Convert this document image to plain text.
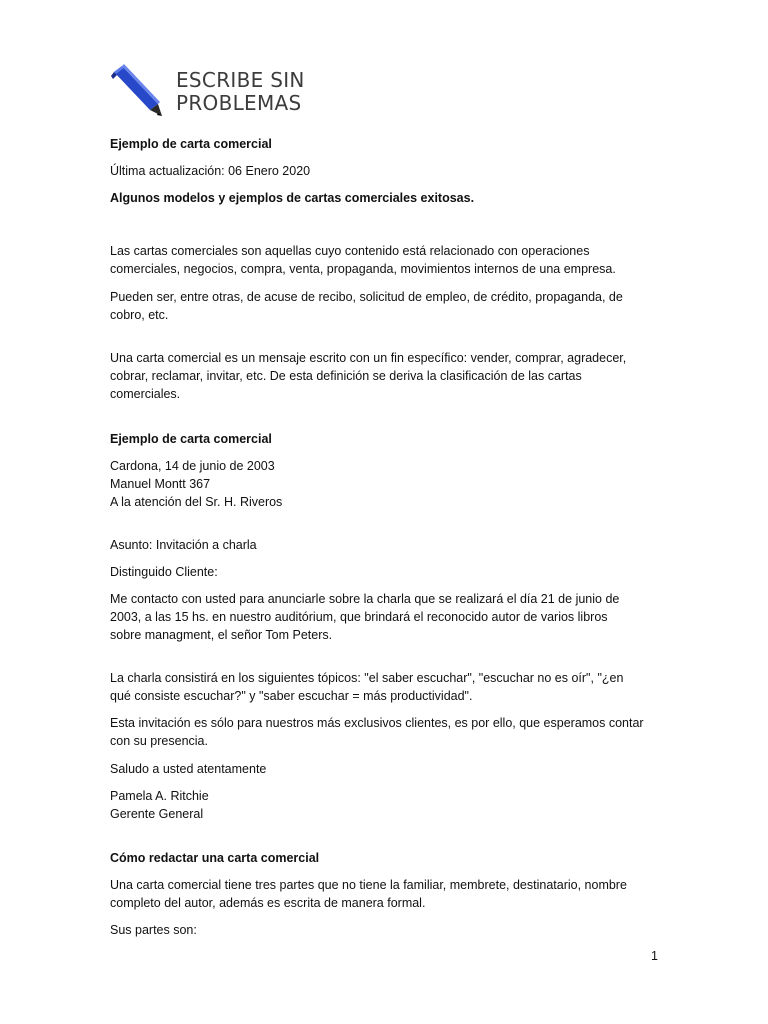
ESCRIBE SIN
PROBLEMAS

Ejemplo de carta comercial

Última actualización: 06 Enero 2020

Algunos modelos y ejemplos de cartas comerciales exitosas.

Las cartas comerciales son aquellas cuyo contenido está relacionado con operaciones
comerciales, negocios, compra, venta, propaganda, movimientos internos de una empresa.
Pueden ser, entre otras, de acuse de recibo, solicitud de empleo, de crédito, propaganda, de
cobro, etc.
Una carta comercial es un mensaje escrito con un fin específico: vender, comprar, agradecer,
cobrar, reclamar, invitar, etc. De esta definición se deriva la clasificación de las cartas
comerciales.

Ejemplo de carta comercial

Cardona, 14 de junio de 2003
Manuel Montt 367
A la atención del Sr. H. Riveros

Asunto: Invitación a charla

Distinguido Cliente:

Me contacto con usted para anunciarle sobre la charla que se realizará el día 21 de junio de
2003, a las 15 hs. en nuestro auditórium, que brindará el reconocido autor de varios libros
sobre managment, el señor Tom Peters.
La charla consistirá en los siguientes tópicos: "el saber escuchar", "escuchar no es oír", "¿en
qué consiste escuchar?" y "saber escuchar = más productividad".
Esta invitación es sólo para nuestros más exclusivos clientes, es por ello, que esperamos contar
con su presencia.

Saludo a usted atentamente

Pamela A. Ritchie
Gerente General

Cómo redactar una carta comercial

Una carta comercial tiene tres partes que no tiene la familiar, membrete, destinatario, nombre
completo del autor, además es escrita de manera formal.

Sus partes son:

1
